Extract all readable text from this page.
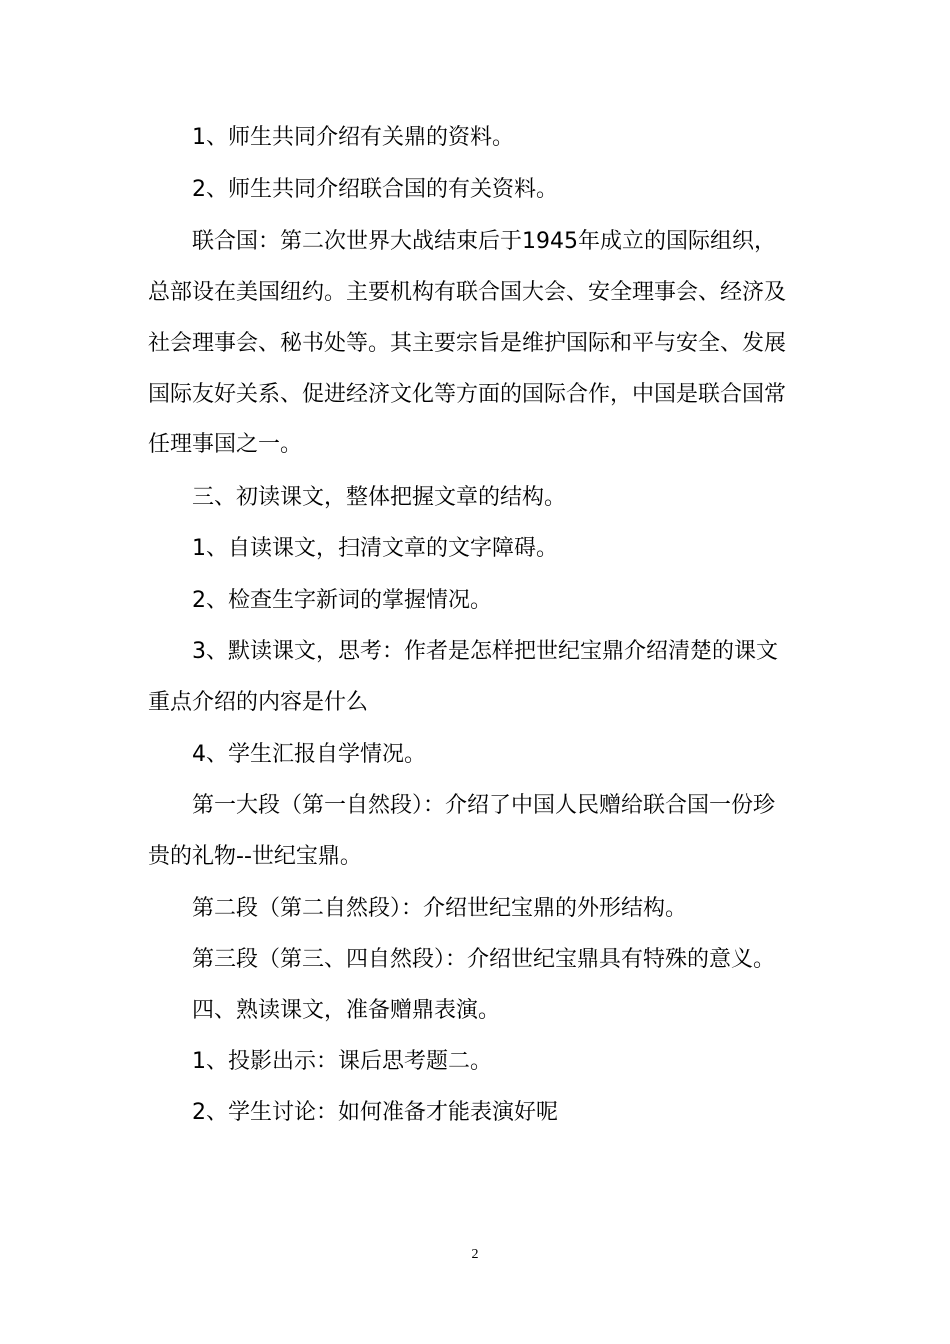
1、师生共同介绍有关鼎的资料。
2、师生共同介绍联合国的有关资料。
联合国：第二次世界大战结束后于1945年成立的国际组织，
总部设在美国纽约。主要机构有联合国大会、安全理事会、经济及
社会理事会、秘书处等。其主要宗旨是维护国际和平与安全、发展
国际友好关系、促进经济文化等方面的国际合作，中国是联合国常
任理事国之一。
三、初读课文，整体把握文章的结构。
1、自读课文，扫清文章的文字障碍。
2、检查生字新词的掌握情况。
3、默读课文，思考：作者是怎样把世纪宝鼎介绍清楚的课文
重点介绍的内容是什么
4、学生汇报自学情况。
第一大段（第一自然段）：介绍了中国人民赠给联合国一份珍
贵的礼物--世纪宝鼎。
第二段（第二自然段）：介绍世纪宝鼎的外形结构。
第三段（第三、四自然段）：介绍世纪宝鼎具有特殊的意义。
四、熟读课文，准备赠鼎表演。
1、投影出示：课后思考题二。
2、学生讨论：如何准备才能表演好呢
2
